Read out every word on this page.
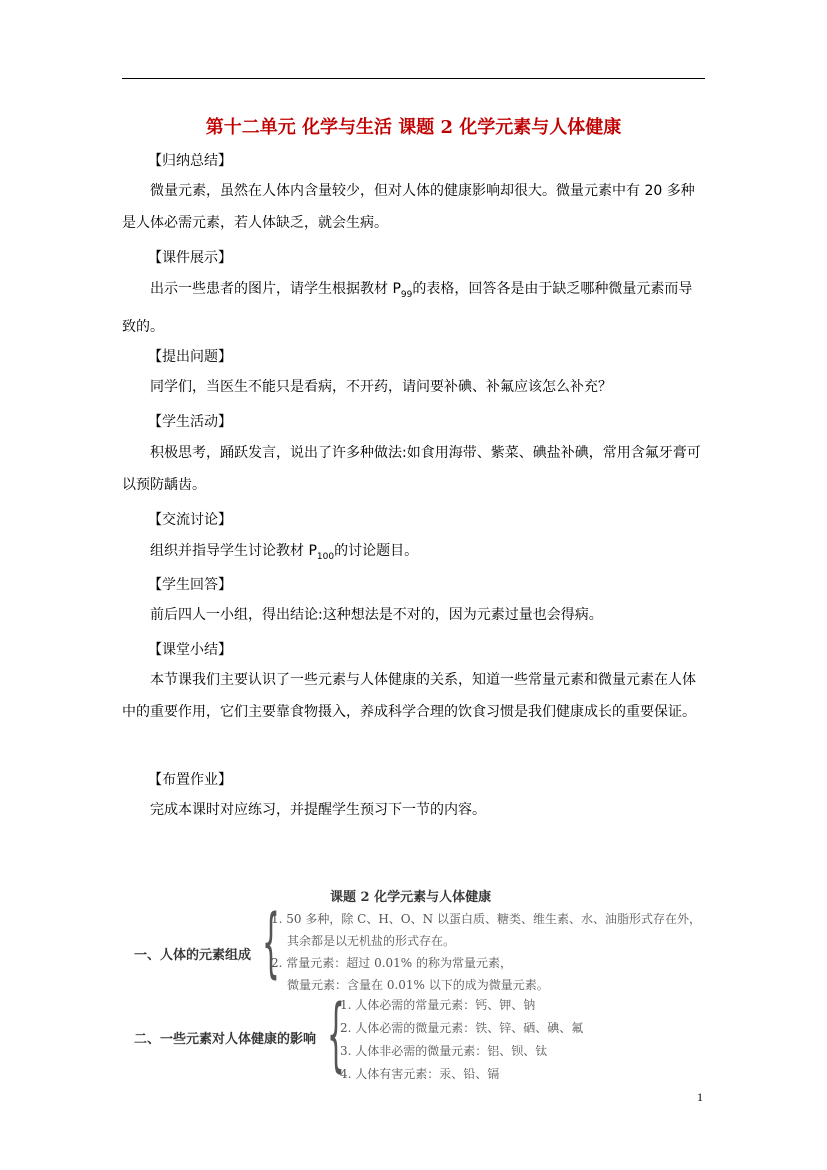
第十二单元 化学与生活 课题 2 化学元素与人体健康
【归纳总结】

微量元素，虽然在人体内含量较少，但对人体的健康影响却很大。微量元素中有 20 多种是人体必需元素，若人体缺乏，就会生病。

【课件展示】

出示一些患者的图片，请学生根据教材 $P_{99}$的表格，回答各是由于缺乏哪种微量元素而导致的。

【提出问题】

同学们，当医生不能只是看病，不开药，请问要补碘、补氟应该怎么补充？

【学生活动】

积极思考，踊跃发言，说出了许多种做法:如食用海带、紫菜、碘盐补碘，常用含氟牙膏可以预防龋齿。

【交流讨论】

组织并指导学生讨论教材 $P_{100}$的讨论题目。

【学生回答】

前后四人一小组，得出结论:这种想法是不对的，因为元素过量也会得病。

【课堂小结】

本节课我们主要认识了一些元素与人体健康的关系，知道一些常量元素和微量元素在人体中的重要作用，它们主要靠食物摄入，养成科学合理的饮食习惯是我们健康成长的重要保证。

【布置作业】

完成本课时对应练习，并提醒学生预习下一节的内容。

课题 2 化学元素与人体健康
一、人体的元素组成 {
1. 50 多种，除 C、H、O、N 以蛋白质、糖类、维生素、水、油脂形式存在外，
其余都是以无机盐的形式存在。
2. 常量元素：超过 0.01% 的称为常量元素，
微量元素：含量在 0.01% 以下的成为微量元素。
二、一些元素对人体健康的影响 {
1. 人体必需的常量元素：钙、钾、钠
2. 人体必需的微量元素：铁、锌、硒、碘、氟
3. 人体非必需的微量元素：铝、钡、钛
4. 人体有害元素：汞、铅、镉
1
